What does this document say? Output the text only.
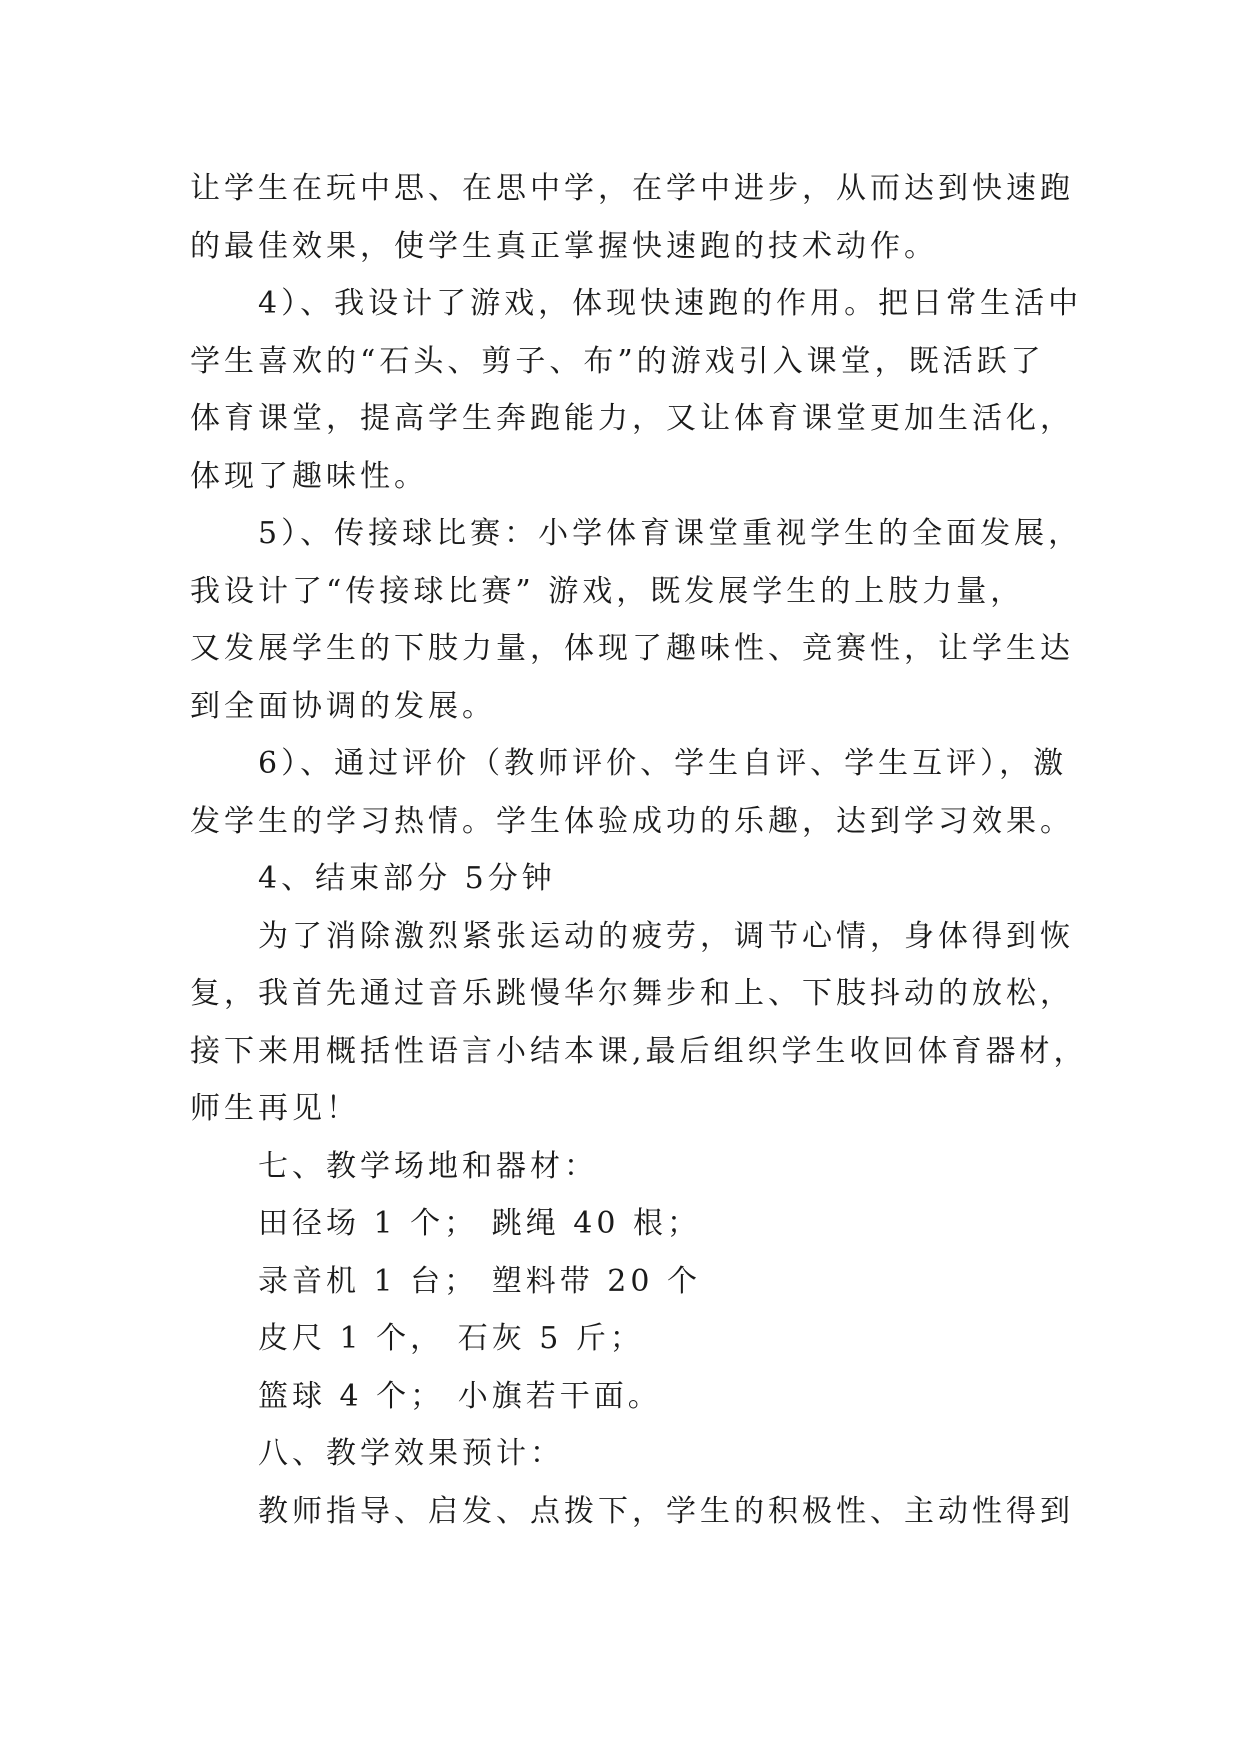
让学生在玩中思、在思中学，在学中进步，从而达到快速跑
的最佳效果，使学生真正掌握快速跑的技术动作。
4）、我设计了游戏，体现快速跑的作用。把日常生活中
学生喜欢的“石头、剪子、布”的游戏引入课堂，既活跃了
体育课堂，提高学生奔跑能力，又让体育课堂更加生活化，
体现了趣味性。
5）、传接球比赛：小学体育课堂重视学生的全面发展，
我设计了“传接球比赛” 游戏，既发展学生的上肢力量，
又发展学生的下肢力量，体现了趣味性、竞赛性，让学生达
到全面协调的发展。
6）、通过评价（教师评价、学生自评、学生互评），激
发学生的学习热情。学生体验成功的乐趣，达到学习效果。
4、结束部分 5分钟
为了消除激烈紧张运动的疲劳，调节心情，身体得到恢
复，我首先通过音乐跳慢华尔舞步和上、下肢抖动的放松，
接下来用概括性语言小结本课,最后组织学生收回体育器材，
师生再见！
七、教学场地和器材：
田径场 1 个； 跳绳 40 根；
录音机 1 台； 塑料带 20 个
皮尺 1 个， 石灰 5 斤；
篮球 4 个； 小旗若干面。
八、教学效果预计：
教师指导、启发、点拨下，学生的积极性、主动性得到
